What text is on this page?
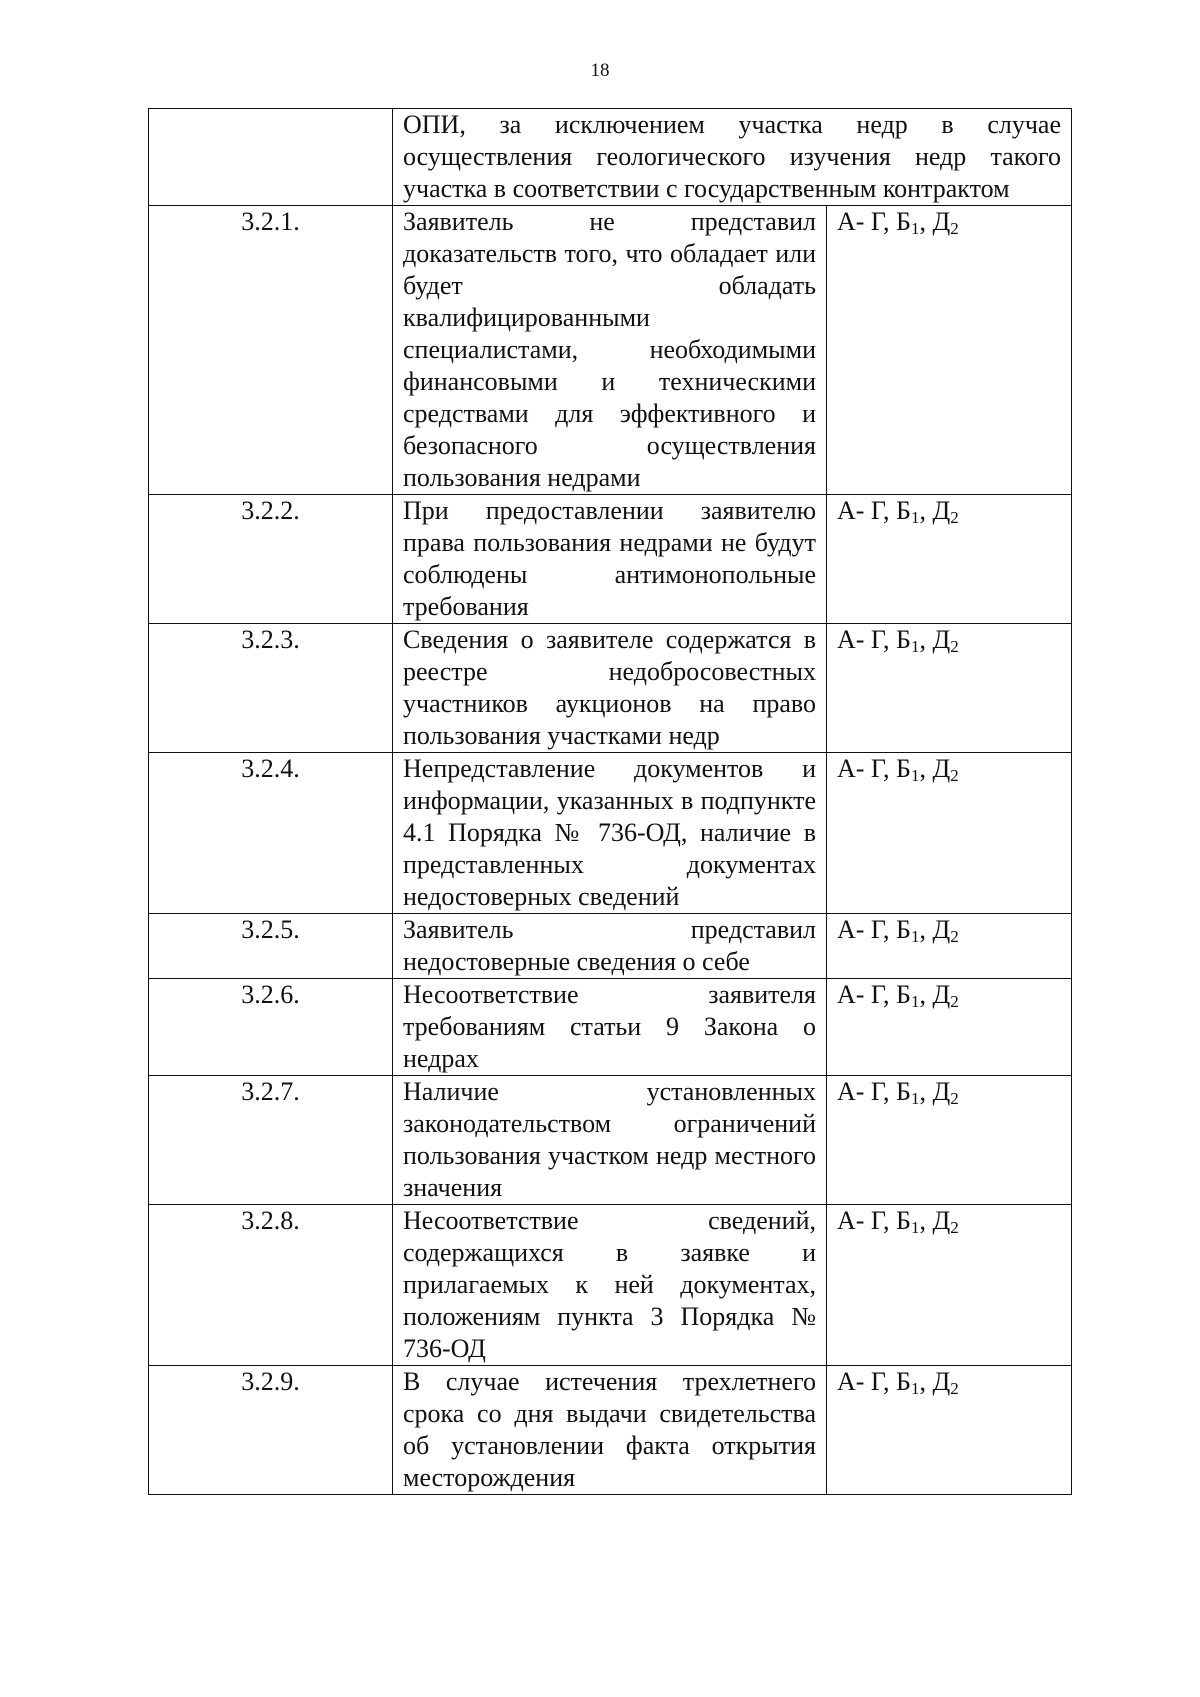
18
	ОПИ, за исключением участка недр в случае осуществления геологического изучения недр такого участка в соответствии с государственным контрактом	
3.2.1.	Заявитель не представил доказательств того, что обладает или будет обладать квалифицированными специалистами, необходимыми финансовыми и техническими средствами для эффективного и безопасного осуществления пользования недрами	А- Г, $Б_1$, $Д_2$
3.2.2.	При предоставлении заявителю права пользования недрами не будут соблюдены антимонопольные требования	А- Г, $Б_1$, $Д_2$
3.2.3.	Сведения о заявителе содержатся в реестре недобросовестных участников аукционов на право пользования участками недр	А- Г, $Б_1$, $Д_2$
3.2.4.	Непредставление документов и информации, указанных в подпункте 4.1 Порядка № 736-ОД, наличие в представленных документах недостоверных сведений	А- Г, $Б_1$, $Д_2$
3.2.5.	Заявитель представил недостоверные сведения о себе	А- Г, $Б_1$, $Д_2$
3.2.6.	Несоответствие заявителя требованиям статьи 9 Закона о недрах	А- Г, $Б_1$, $Д_2$
3.2.7.	Наличие установленных законодательством ограничений пользования участком недр местного значения	А- Г, $Б_1$, $Д_2$
3.2.8.	Несоответствие сведений, содержащихся в заявке и прилагаемых к ней документах, положениям пункта 3 Порядка № 736-ОД	А- Г, $Б_1$, $Д_2$
3.2.9.	В случае истечения трехлетнего срока со дня выдачи свидетельства об установлении факта открытия месторождения	А- Г, $Б_1$, $Д_2$
